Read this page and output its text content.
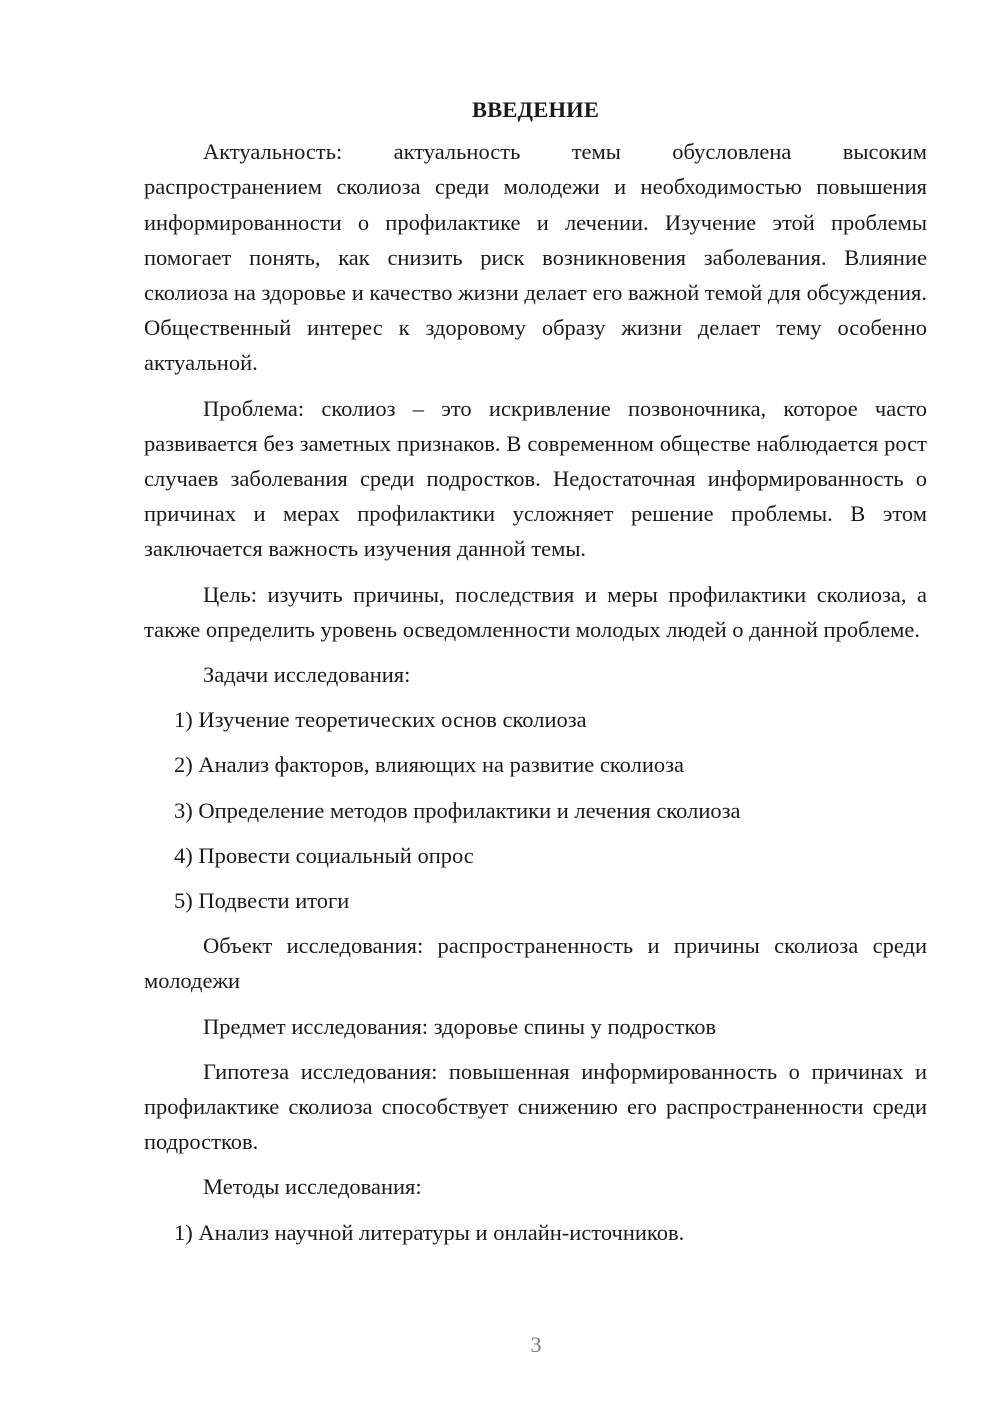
ВВЕДЕНИЕ

Актуальность: актуальность темы обусловлена высоким распространением сколиоза среди молодежи и необходимостью повышения информированности о профилактике и лечении. Изучение этой проблемы помогает понять, как снизить риск возникновения заболевания. Влияние сколиоза на здоровье и качество жизни делает его важной темой для обсуждения. Общественный интерес к здоровому образу жизни делает тему особенно актуальной.

Проблема: сколиоз – это искривление позвоночника, которое часто развивается без заметных признаков. В современном обществе наблюдается рост случаев заболевания среди подростков. Недостаточная информированность о причинах и мерах профилактики усложняет решение проблемы. В этом заключается важность изучения данной темы.

Цель: изучить причины, последствия и меры профилактики сколиоза, а также определить уровень осведомленности молодых людей о данной проблеме.

Задачи исследования:

1) Изучение теоретических основ сколиоза

2) Анализ факторов, влияющих на развитие сколиоза

3) Определение методов профилактики и лечения сколиоза

4) Провести социальный опрос

5) Подвести итоги

Объект исследования: распространенность и причины сколиоза среди молодежи

Предмет исследования: здоровье спины у подростков

Гипотеза исследования: повышенная информированность о причинах и профилактике сколиоза способствует снижению его распространенности среди подростков.

Методы исследования:

1) Анализ научной литературы и онлайн-источников.

3
